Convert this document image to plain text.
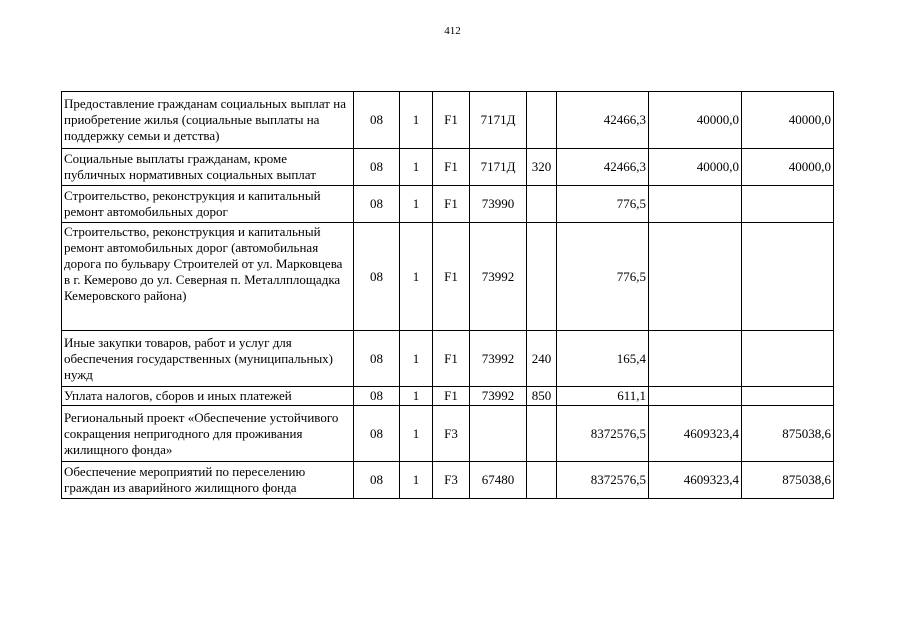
412
Предоставление гражданам социальных выплат на приобретение жилья (социальные выплаты на поддержку семьи и детства)	08	1	F1	7171Д		42466,3	40000,0	40000,0
Социальные выплаты гражданам, кроме публичных нормативных социальных выплат	08	1	F1	7171Д	320	42466,3	40000,0	40000,0
Строительство, реконструкция и капитальный ремонт автомобильных дорог	08	1	F1	73990		776,5		
Строительство, реконструкция и капитальный ремонт автомобильных дорог (автомобильная дорога по бульвару Строителей от ул. Марковцева в г. Кемерово до ул. Северная п. Металлплощадка Кемеровского района)	08	1	F1	73992		776,5		
Иные закупки товаров, работ и услуг для обеспечения государственных (муниципальных) нужд	08	1	F1	73992	240	165,4		
Уплата налогов, сборов и иных платежей	08	1	F1	73992	850	611,1		
Региональный проект «Обеспечение устойчивого сокращения непригодного для проживания жилищного фонда»	08	1	F3			8372576,5	4609323,4	875038,6
Обеспечение мероприятий по переселению граждан из аварийного жилищного фонда	08	1	F3	67480		8372576,5	4609323,4	875038,6
